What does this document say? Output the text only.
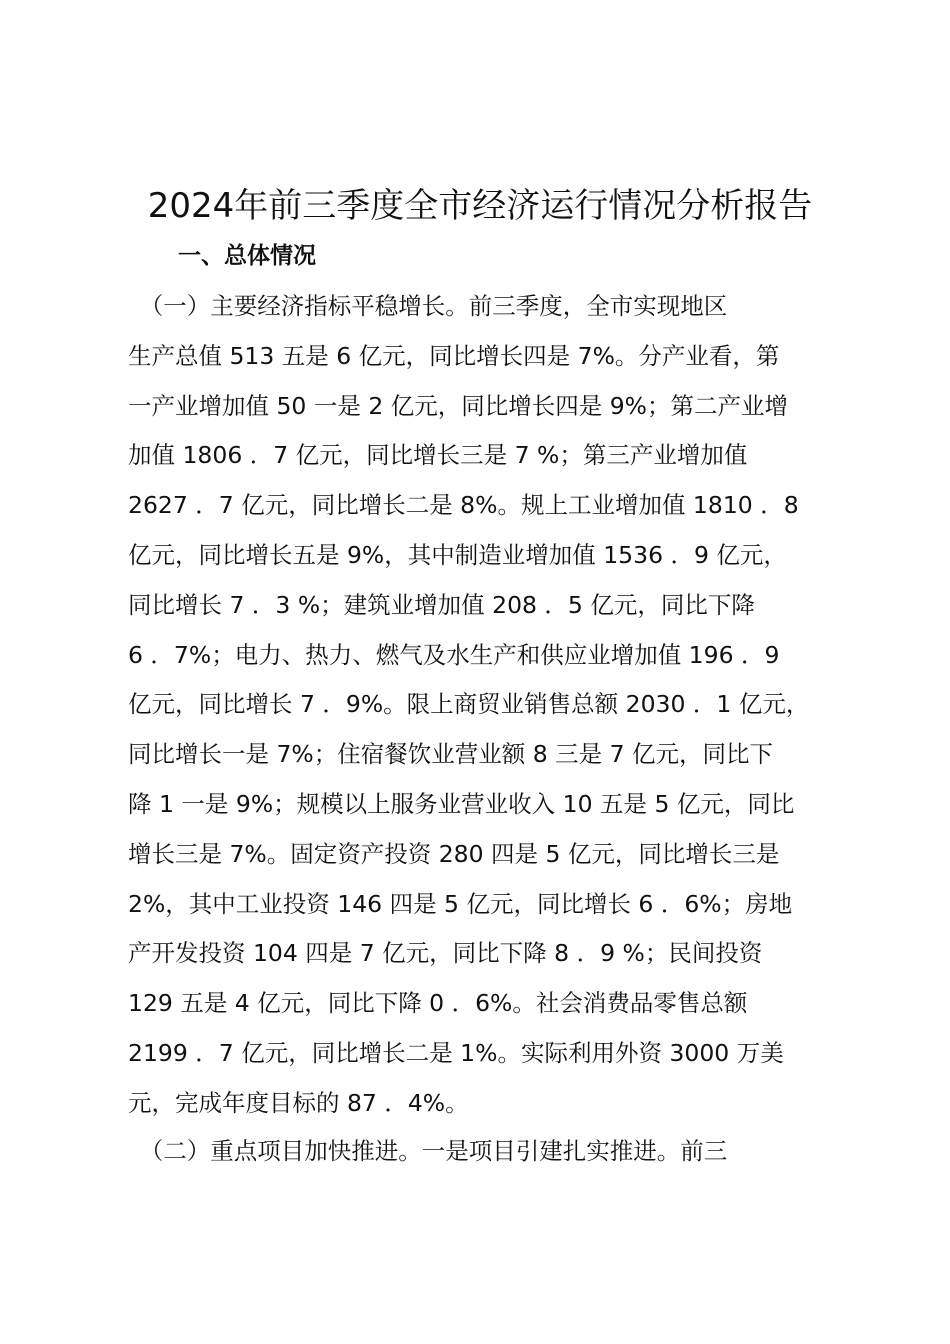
2024年前三季度全市经济运行情况分析报告
一、总体情况
　（一）主要经济指标平稳增长。前三季度，全市实现地区
生产总值 513 五是 6 亿元，同比增长四是 7%。分产业看，第
一产业增加值 50 一是 2 亿元，同比增长四是 9%；第二产业增
加值 1806 ．7 亿元，同比增长三是 7 %；第三产业增加值
2627 ．7 亿元，同比增长二是 8%。规上工业增加值 1810 ．8
亿元，同比增长五是 9%，其中制造业增加值 1536 ．9 亿元，
同比增长 7 ．3 %；建筑业增加值 208 ．5 亿元，同比下降
6 ．7%；电力、热力、燃气及水生产和供应业增加值 196 ．9
亿元，同比增长 7 ．9%。限上商贸业销售总额 2030 ．1 亿元，
同比增长一是 7%；住宿餐饮业营业额 8 三是 7 亿元，同比下
降 1 一是 9%；规模以上服务业营业收入 10 五是 5 亿元，同比
增长三是 7%。固定资产投资 280 四是 5 亿元，同比增长三是
2%，其中工业投资 146 四是 5 亿元，同比增长 6 ．6%；房地
产开发投资 104 四是 7 亿元，同比下降 8 ．9 %；民间投资
129 五是 4 亿元，同比下降 0 ．6%。社会消费品零售总额
2199 ．7 亿元，同比增长二是 1%。实际利用外资 3000 万美
元，完成年度目标的 87 ．4%。
　（二）重点项目加快推进。一是项目引建扎实推进。前三
